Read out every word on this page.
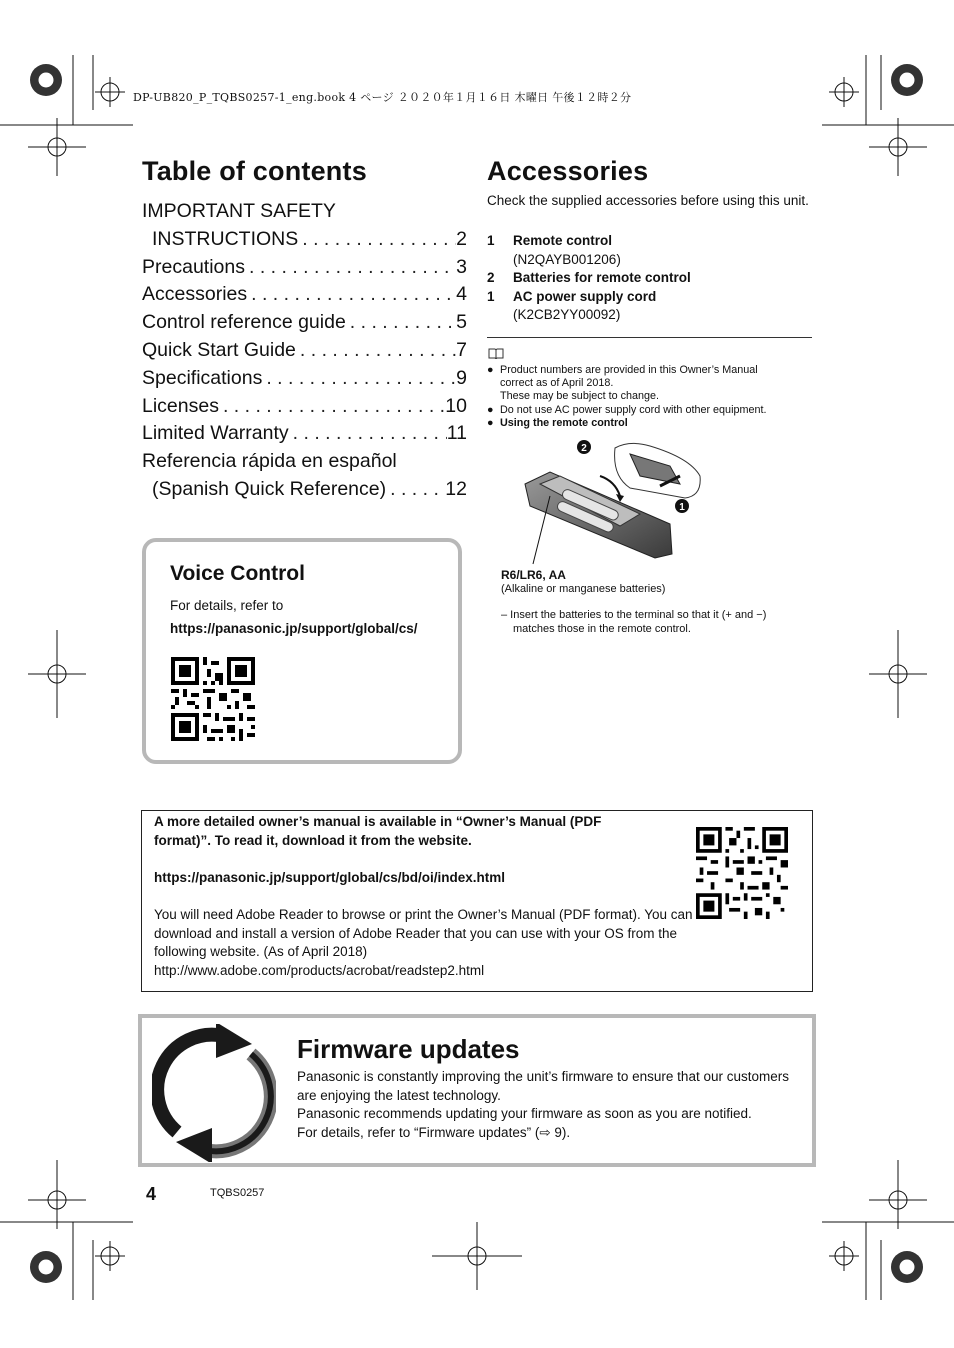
DP-UB820_P_TQBS0257-1_eng.book 4 ページ ２０２０年１月１６日 木曜日 午後１２時２分
Table of contents
IMPORTANT SAFETY
INSTRUCTIONS . . .	2
Precautions . . .	3
Accessories . . .	4
Control reference guide . . .	5
Quick Start Guide . . .	7
Specifications . . .	9
Licenses . . .	10
Limited Warranty . . .	11
Referencia rápida en español
(Spanish Quick Reference) . . .	12
Voice Control
For details, refer to
https://panasonic.jp/support/global/cs/
Accessories
Check the supplied accessories before using this unit.
1	Remote control
(N2QAYB001206)
2	Batteries for remote control
1	AC power supply cord
(K2CB2YY00092)
● Product numbers are provided in this Owner’s Manual
correct as of April 2018.
These may be subject to change.
● Do not use AC power supply cord with other equipment.
● Using the remote control
2
1
R6/LR6, AA
(Alkaline or manganese batteries)
– Insert the batteries to the terminal so that it (+ and −)
matches those in the remote control.
A more detailed owner’s manual is available in “Owner’s Manual (PDF format)”. To read it, download it from the website.
https://panasonic.jp/support/global/cs/bd/oi/index.html
You will need Adobe Reader to browse or print the Owner’s Manual (PDF format). You can download and install a version of Adobe Reader that you can use with your OS from the following website. (As of April 2018)
http://www.adobe.com/products/acrobat/readstep2.html
Firmware updates
Panasonic is constantly improving the unit’s firmware to ensure that our customers are enjoying the latest technology.
Panasonic recommends updating your firmware as soon as you are notified.
For details, refer to “Firmware updates” (⇨ 9).
4	TQBS0257
